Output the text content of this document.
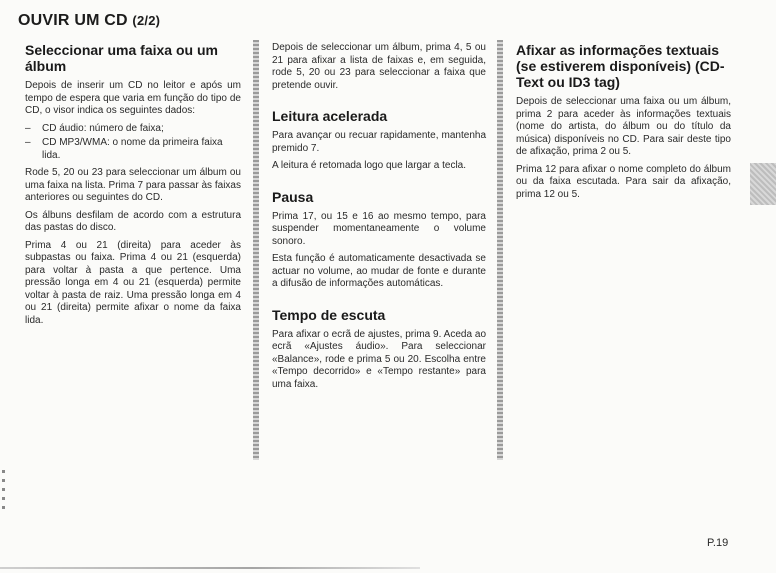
OUVIR UM CD (2/2)
Seleccionar uma faixa ou um álbum

Depois de inserir um CD no leitor e após um tempo de espera que varia em função do tipo de CD, o visor indica os seguintes dados:

– CD áudio: número de faixa;
– CD MP3/WMA: o nome da primeira faixa lida.

Rode 5, 20 ou 23 para seleccionar um álbum ou uma faixa na lista. Prima 7 para passar às faixas anteriores ou seguintes do CD.

Os álbuns desfilam de acordo com a estrutura das pastas do disco.

Prima 4 ou 21 (direita) para aceder às subpastas ou faixa. Prima 4 ou 21 (esquerda) para voltar à pasta a que pertence. Uma pressão longa em 4 ou 21 (esquerda) permite voltar à pasta de raiz. Uma pressão longa em 4 ou 21 (direita) permite afixar o nome da faixa lida.

Depois de seleccionar um álbum, prima 4, 5 ou 21 para afixar a lista de faixas e, em seguida, rode 5, 20 ou 23 para seleccionar a faixa que pretende ouvir.

Leitura acelerada

Para avançar ou recuar rapidamente, mantenha premido 7.

A leitura é retomada logo que largar a tecla.

Pausa

Prima 17, ou 15 e 16 ao mesmo tempo, para suspender momentaneamente o volume sonoro.

Esta função é automaticamente desactivada se actuar no volume, ao mudar de fonte e durante a difusão de informações automáticas.

Tempo de escuta

Para afixar o ecrã de ajustes, prima 9. Aceda ao ecrã «Ajustes áudio». Para seleccionar «Balance», rode e prima 5 ou 20. Escolha entre «Tempo decorrido» e «Tempo restante» para uma faixa.

Afixar as informações textuais (se estiverem disponíveis) (CD-Text ou ID3 tag)

Depois de seleccionar uma faixa ou um álbum, prima 2 para aceder às informações textuais (nome do artista, do álbum ou do título da música) disponíveis no CD. Para sair deste tipo de afixação, prima 2 ou 5.

Prima 12 para afixar o nome completo do álbum ou da faixa escutada. Para sair da afixação, prima 12 ou 5.

P.19
